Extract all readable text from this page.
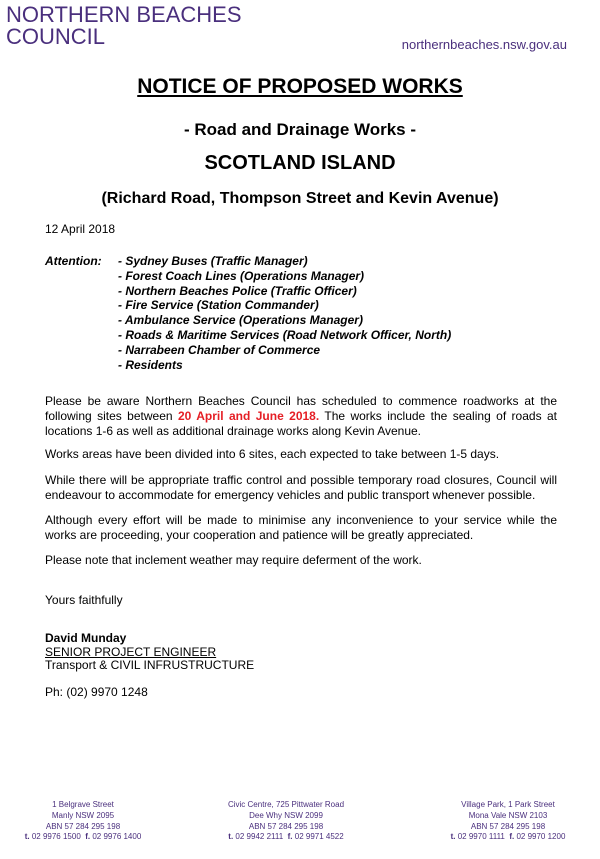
NORTHERN BEACHES
COUNCIL	northernbeaches.nsw.gov.au
NOTICE OF PROPOSED WORKS
- Road and Drainage Works -
SCOTLAND ISLAND
(Richard Road, Thompson Street and Kevin Avenue)
12 April 2018
Attention: - Sydney Buses (Traffic Manager)
- Forest Coach Lines (Operations Manager)
- Northern Beaches Police (Traffic Officer)
- Fire Service (Station Commander)
- Ambulance Service (Operations Manager)
- Roads & Maritime Services (Road Network Officer, North)
- Narrabeen Chamber of Commerce
- Residents
Please be aware Northern Beaches Council has scheduled to commence roadworks at the following sites between 20 April and June 2018. The works include the sealing of roads at locations 1-6 as well as additional drainage works along Kevin Avenue.
Works areas have been divided into 6 sites, each expected to take between 1-5 days.
While there will be appropriate traffic control and possible temporary road closures, Council will endeavour to accommodate for emergency vehicles and public transport whenever possible.
Although every effort will be made to minimise any inconvenience to your service while the works are proceeding, your cooperation and patience will be greatly appreciated.
Please note that inclement weather may require deferment of the work.
Yours faithfully
David Munday
SENIOR PROJECT ENGINEER
Transport & CIVIL INFRUSTRUCTURE
Ph: (02) 9970 1248
1 Belgrave Street
Manly NSW 2095
ABN 57 284 295 198
t. 02 9976 1500 f. 02 9976 1400
Civic Centre, 725 Pittwater Road
Dee Why NSW 2099
ABN 57 284 295 198
t. 02 9942 2111 f. 02 9971 4522
Village Park, 1 Park Street
Mona Vale NSW 2103
ABN 57 284 295 198
t. 02 9970 1111 f. 02 9970 1200
